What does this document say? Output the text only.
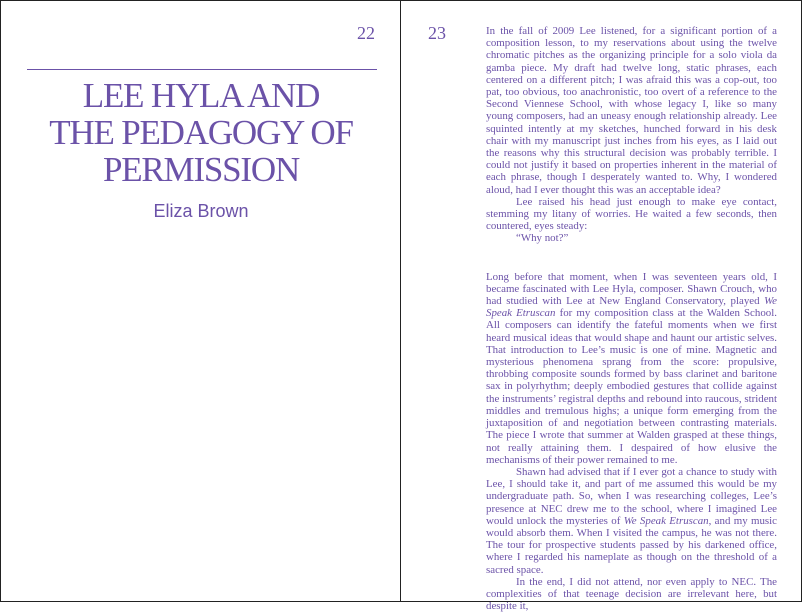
22
LEE HYLA AND
THE PEDAGOGY OF
PERMISSION
Eliza Brown
23	In the fall of 2009 Lee listened, for a significant portion of a composition lesson, to my reservations about using the twelve chromatic pitches as the organizing principle for a solo viola da gamba piece. My draft had twelve long, static phrases, each centered on a different pitch; I was afraid this was a cop-out, too pat, too obvious, too anachronistic, too overt of a reference to the Second Viennese School, with whose legacy I, like so many young composers, had an uneasy enough relationship already. Lee squinted intently at my sketches, hunched forward in his desk chair with my manuscript just inches from his eyes, as I laid out the reasons why this structural decision was probably terrible. I could not justify it based on properties inherent in the material of each phrase, though I desperately wanted to. Why, I wondered aloud, had I ever thought this was an acceptable idea?

Lee raised his head just enough to make eye contact, stemming my litany of worries. He waited a few seconds, then countered, eyes steady:

“Why not?”

Long before that moment, when I was seventeen years old, I became fascinated with Lee Hyla, composer. Shawn Crouch, who had studied with Lee at New England Conservatory, played We Speak Etruscan for my composition class at the Walden School. All composers can identify the fateful moments when we first heard musical ideas that would shape and haunt our artistic selves. That introduction to Lee’s music is one of mine. Magnetic and mysterious phenomena sprang from the score: propulsive, throbbing composite sounds formed by bass clarinet and baritone sax in polyrhythm; deeply embodied gestures that collide against the instruments’ registral depths and rebound into raucous, strident middles and tremulous highs; a unique form emerging from the juxtaposition of and negotiation between contrasting materials. The piece I wrote that summer at Walden grasped at these things, not really attaining them. I despaired of how elusive the mechanisms of their power remained to me.

Shawn had advised that if I ever got a chance to study with Lee, I should take it, and part of me assumed this would be my undergraduate path. So, when I was researching colleges, Lee’s presence at NEC drew me to the school, where I imagined Lee would unlock the mysteries of We Speak Etruscan, and my music would absorb them. When I visited the campus, he was not there. The tour for prospective students passed by his darkened office, where I regarded his nameplate as though on the threshold of a sacred space.

In the end, I did not attend, nor even apply to NEC. The complexities of that teenage decision are irrelevant here, but despite it,
